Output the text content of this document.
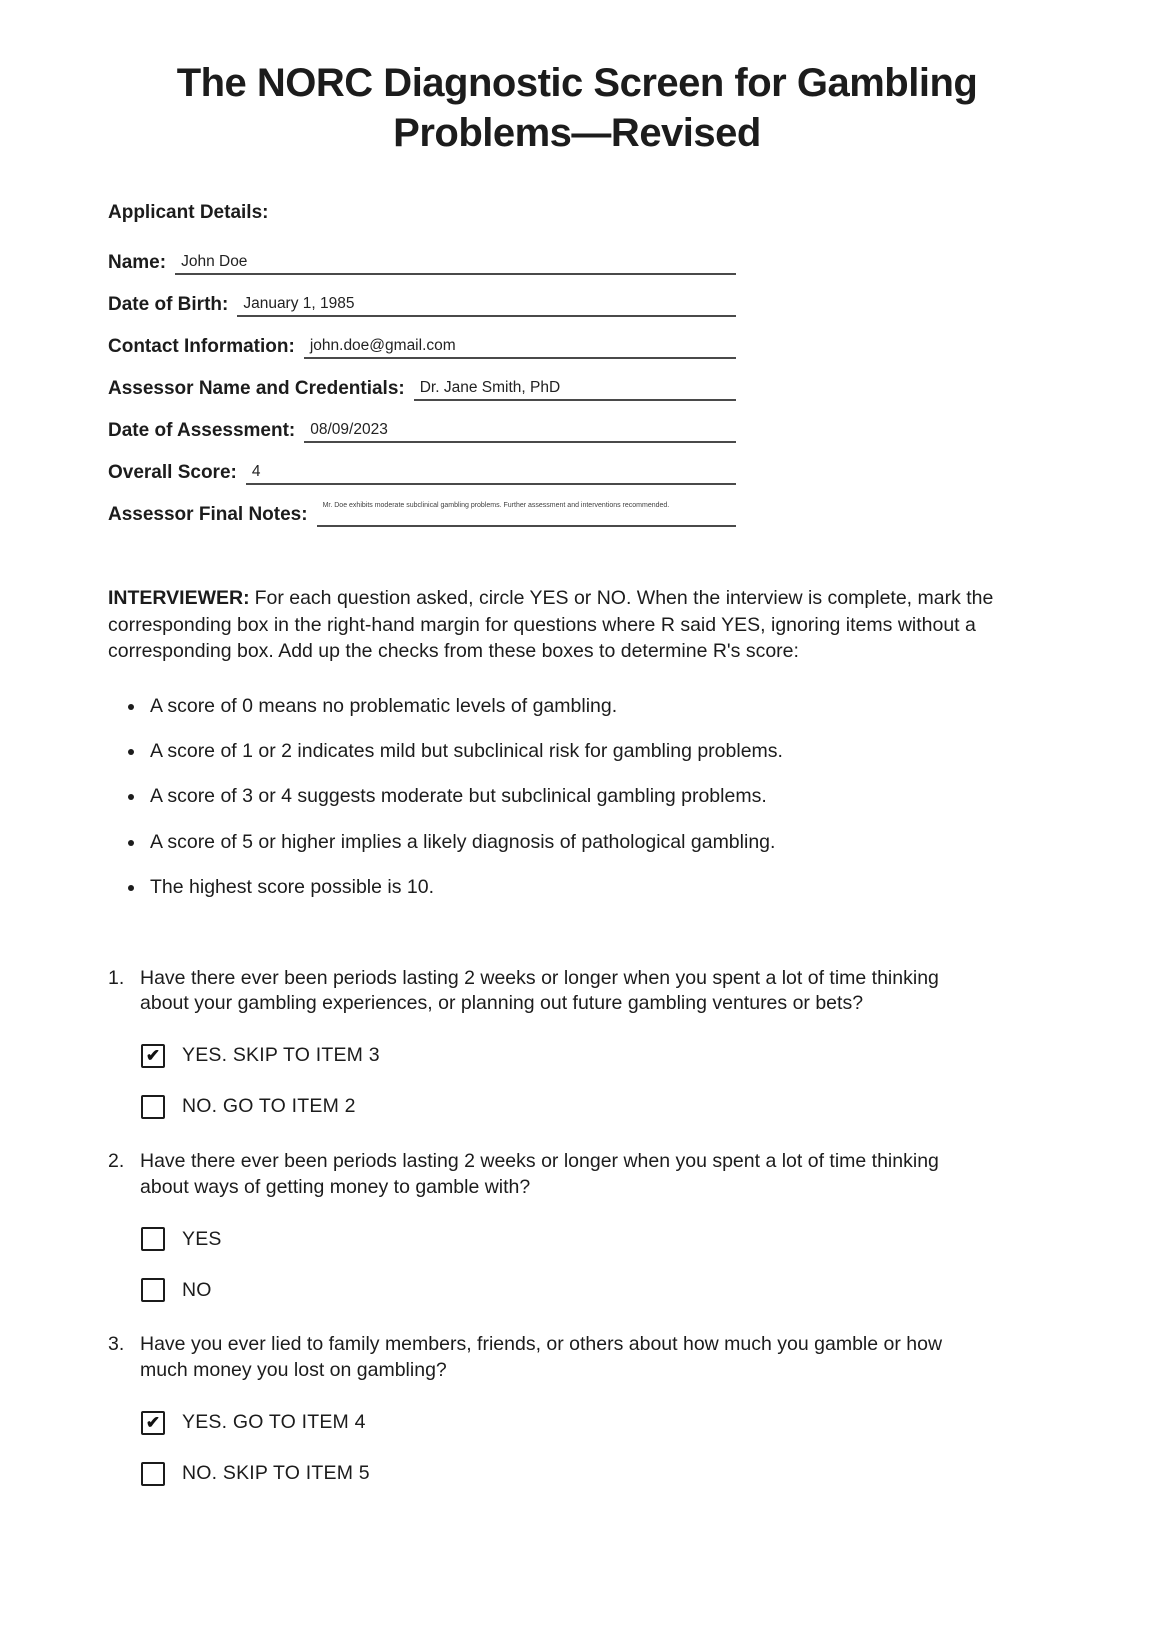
The NORC Diagnostic Screen for Gambling Problems—Revised
Applicant Details:
Name: John Doe
Date of Birth: January 1, 1985
Contact Information: john.doe@gmail.com
Assessor Name and Credentials: Dr. Jane Smith, PhD
Date of Assessment: 08/09/2023
Overall Score: 4
Assessor Final Notes:	Mr. Doe exhibits moderate subclinical gambling problems. Further assessment and interventions recommended.

INTERVIEWER: For each question asked, circle YES or NO. When the interview is complete, mark the corresponding box in the right-hand margin for questions where R said YES, ignoring items without a corresponding box. Add up the checks from these boxes to determine R's score:

• A score of 0 means no problematic levels of gambling.
• A score of 1 or 2 indicates mild but subclinical risk for gambling problems.
• A score of 3 or 4 suggests moderate but subclinical gambling problems.
• A score of 5 or higher implies a likely diagnosis of pathological gambling.
• The highest score possible is 10.
1. Have there ever been periods lasting 2 weeks or longer when you spent a lot of time thinking about your gambling experiences, or planning out future gambling ventures or bets?
✔ YES. SKIP TO ITEM 3
NO. GO TO ITEM 2
2. Have there ever been periods lasting 2 weeks or longer when you spent a lot of time thinking about ways of getting money to gamble with?
YES
NO
3. Have you ever lied to family members, friends, or others about how much you gamble or how much money you lost on gambling?
✔ YES. GO TO ITEM 4
NO. SKIP TO ITEM 5
